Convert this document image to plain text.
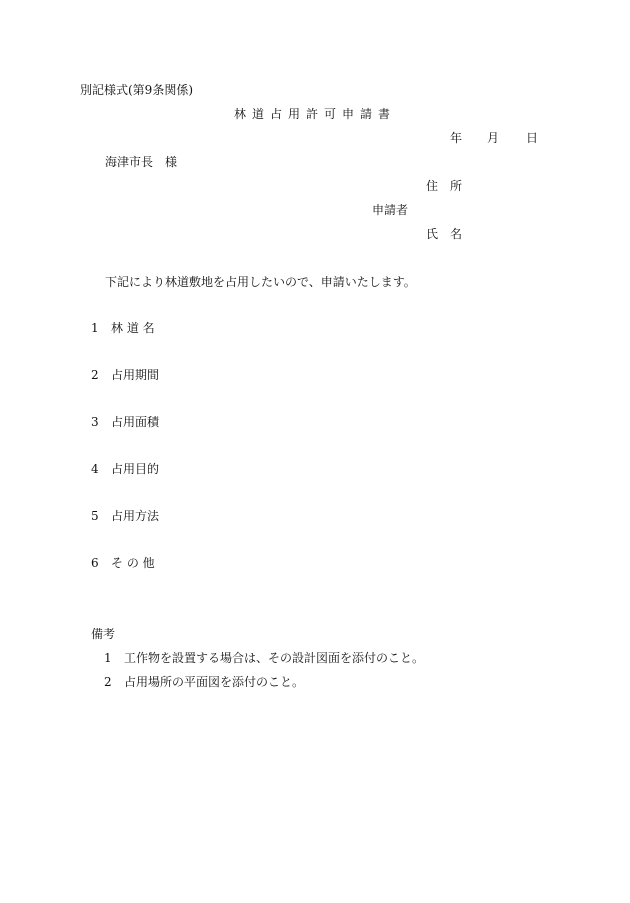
別記様式(第9条関係)
林道占用許可申請書
年 月 日
海津市長　様
住　所
申請者
氏　名
下記により林道敷地を占用したいので、申請いたします。
1 林 道 名
2 占用期間
3 占用面積
4 占用目的
5 占用方法
6 そ の 他
備考
1 工作物を設置する場合は、その設計図面を添付のこと。
2 占用場所の平面図を添付のこと。
